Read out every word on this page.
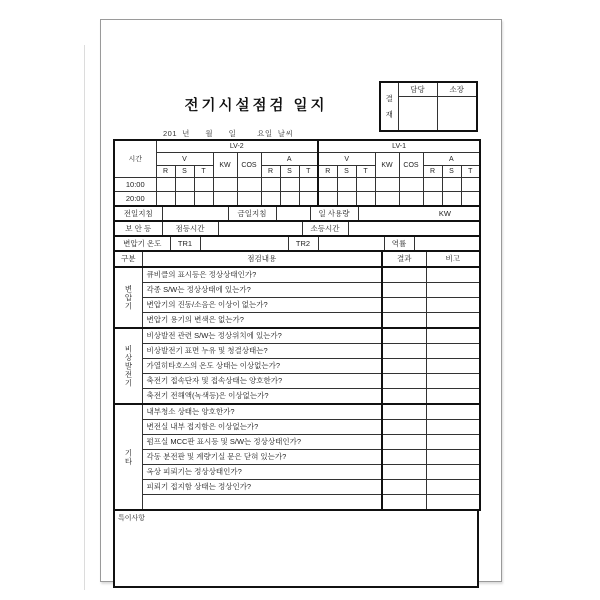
전기시설점검 일지
201  년      월      일        요일  날씨
결
재	담당	소장

시간	LV-2								LV-1							
	V			KW	COS	A			V			KW	COS	A		
	R	S	T			R	S	T	R	S	T			R	S	T
10:00																
20:00																
전일지침		금일지침		일 사용량	KW
보 안 등	점등시간		소등시간	
변압기 온도	TR1		TR2		역률	
구분	점검내용	결과	비고
변압기	큐비클의 표시등은 정상상태인가?		
	각종 S/W는 정상상태에 있는가?		
	변압기의 진동/소음은 이상이 없는가?		
	변압기 용기의 변색은 없는가?		
비상발전기	비상발전 관련 S/W는 정상위치에 있는가?		
	비상발전기 표면 누유 및 청결상태는?		
	가열히타호스의 온도 상태는 이상없는가?		
	축전기 접속단자 및 접속상태는 양호한가?		
	축전기 전해액(녹색등)은 이상없는가?		
기타	내부청소 상태는 양호한가?		
	변전실 내부 접지함은 이상없는가?		
	펌프실 MCC판 표시등 및 S/W는 정상상태인가?		
	각동 분전판 및 계량기실 문은 닫혀 있는가?		
	옥상 피뢰기는 정상상태인가?		
	피뢰기 접지함 상태는 정상인가?		

특이사항
